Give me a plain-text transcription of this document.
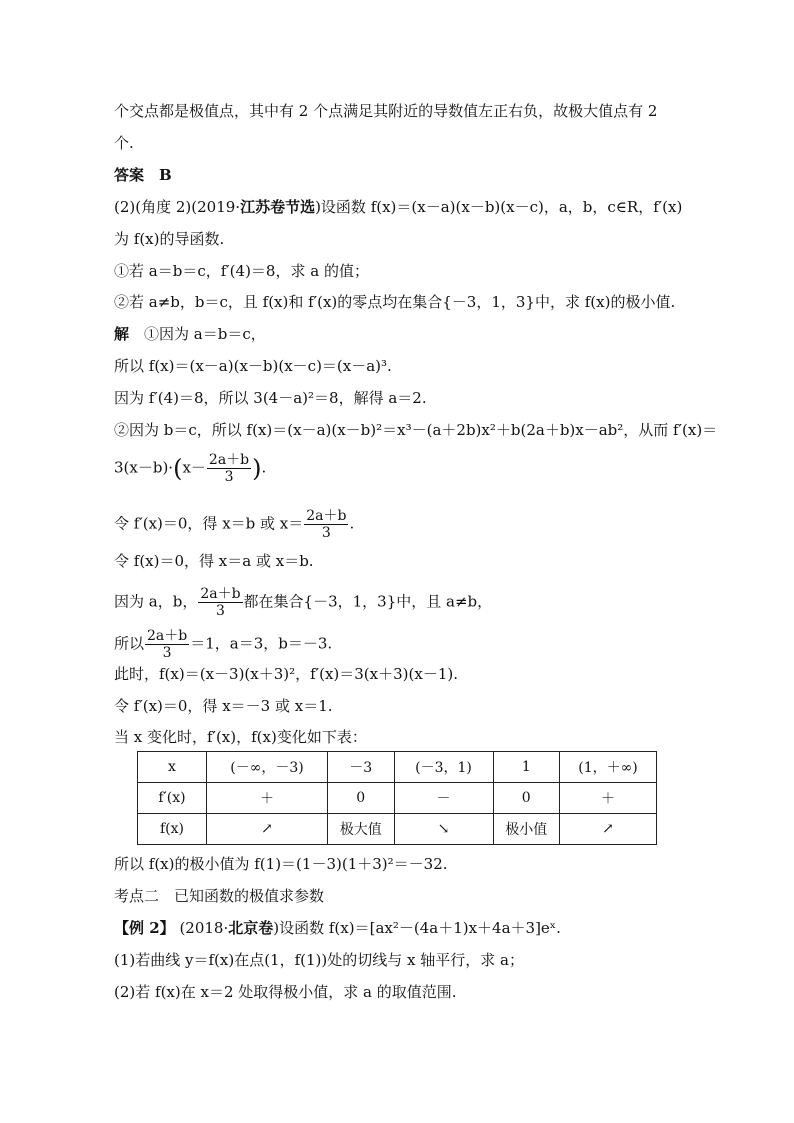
个交点都是极值点，其中有 2 个点满足其附近的导数值左正右负，故极大值点有 2
个.
答案　B
(2)(角度 2)(2019·江苏卷节选)设函数 f(x)＝(x－a)(x－b)(x－c)，a，b，c∈R，f′(x)
为 f(x)的导函数.
①若 a＝b＝c，f′(4)＝8，求 a 的值；
②若 a≠b，b＝c，且 f(x)和 f′(x)的零点均在集合{－3，1，3}中，求 f(x)的极小值.
解　①因为 a＝b＝c，
所以 f(x)＝(x－a)(x－b)(x－c)＝(x－a)³.
因为 f′(4)＝8，所以 3(4－a)²＝8，解得 a＝2.
②因为 b＝c，所以 f(x)＝(x－a)(x－b)²＝x³－(a＋2b)x²＋b(2a＋b)x－ab²，从而 f′(x)＝
$3(x-b)\cdot(x- \frac{2a+b}{3}$ ).
令 f′(x)＝0，得 x＝b 或 $x= \frac{2a+b}{3}$ .
令 f(x)＝0，得 x＝a 或 x＝b.
因为 a，b， $\frac{2a+b}{3}$ 都在集合{－3，1，3}中，且 a≠b，
所以 $\frac{2a+b}{3} =1$，a＝3，b＝－3.
此时，f(x)＝(x－3)(x＋3)²，f′(x)＝3(x＋3)(x－1).
令 f′(x)＝0，得 x＝－3 或 x＝1.
当 x 变化时，f′(x)，f(x)变化如下表：
x	(－∞，－3)	－3	(－3，1)	1	(1，＋∞)
f′(x)	＋	0	－	0	＋
f(x)	↗	极大值	↘	极小值	↗
所以 f(x)的极小值为 f(1)＝(1－3)(1＋3)²＝－32.
考点二　已知函数的极值求参数
【例 2】 (2018·北京卷)设函数 f(x)＝[ax²－(4a＋1)x＋4a＋3]eˣ.
(1)若曲线 y＝f(x)在点(1，f(1))处的切线与 x 轴平行，求 a；
(2)若 f(x)在 x＝2 处取得极小值，求 a 的取值范围.
